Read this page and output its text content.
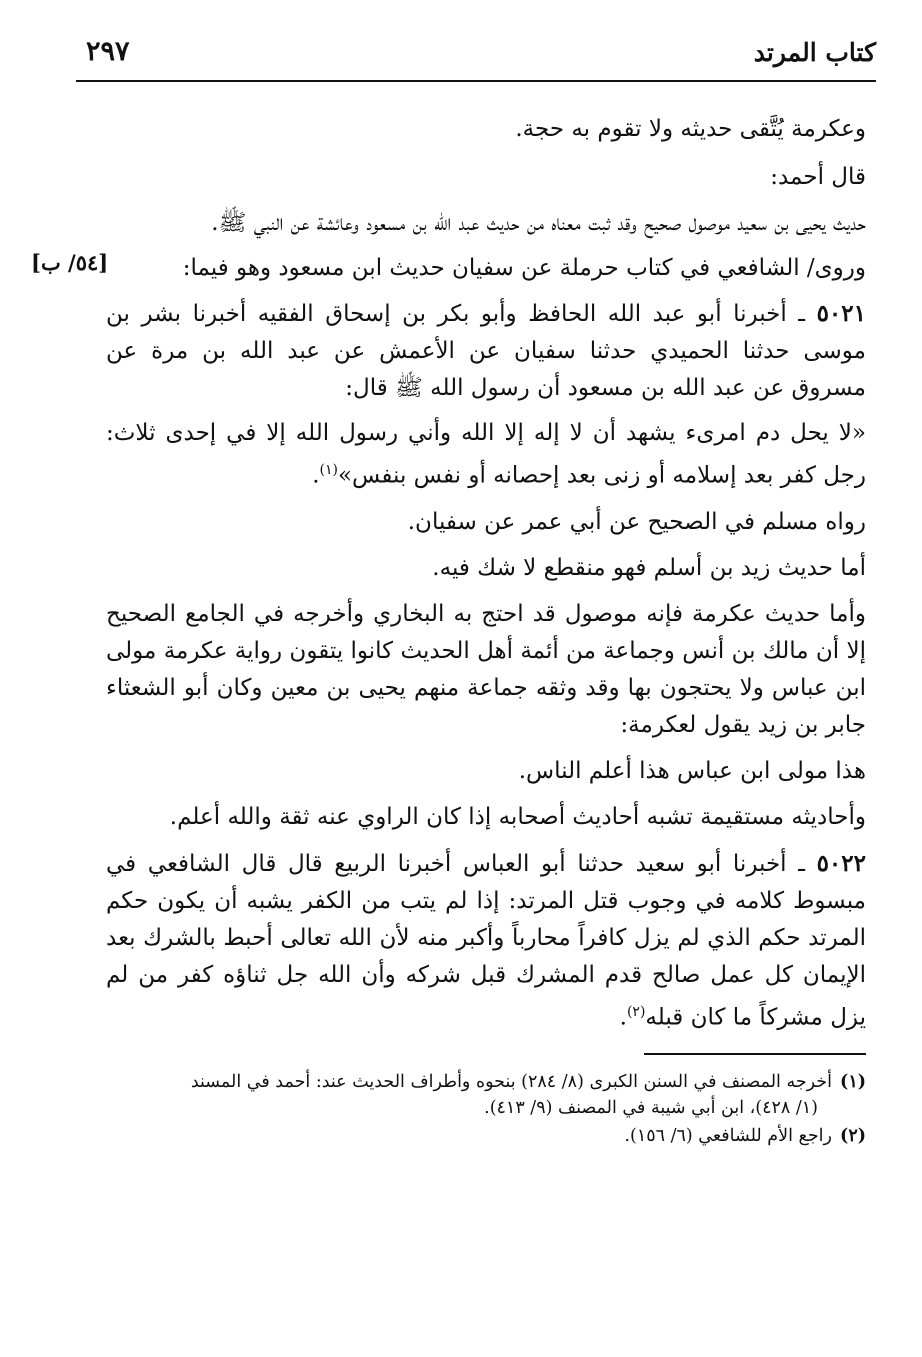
كتاب المرتد
٢٩٧

وعكرمة يُتَّقى حديثه ولا تقوم به حجة.

قال أحمد:

حديث يحيى بن سعيد موصول صحيح وقد ثبت معناه من حديث عبد الله بن مسعود وعائشة عن النبي ﷺ.

وروى/ الشافعي في كتاب حرملة عن سفيان حديث ابن مسعود وهو فيما:

[٥٤/ ب]

٥٠٢١ ـ أخبرنا أبو عبد الله الحافظ وأبو بكر بن إسحاق الفقيه أخبرنا بشر بن موسى حدثنا الحميدي حدثنا سفيان عن الأعمش عن عبد الله بن مرة عن مسروق عن عبد الله بن مسعود أن رسول الله ﷺ قال:

«لا يحل دم امرىء يشهد أن لا إله إلا الله وأني رسول الله إلا في إحدى ثلاث: رجل كفر بعد إسلامه أو زنى بعد إحصانه أو نفس بنفس»$^{(١)}$.

رواه مسلم في الصحيح عن أبي عمر عن سفيان.

أما حديث زيد بن أسلم فهو منقطع لا شك فيه.

وأما حديث عكرمة فإنه موصول قد احتج به البخاري وأخرجه في الجامع الصحيح إلا أن مالك بن أنس وجماعة من أئمة أهل الحديث كانوا يتقون رواية عكرمة مولى ابن عباس ولا يحتجون بها وقد وثقه جماعة منهم يحيى بن معين وكان أبو الشعثاء جابر بن زيد يقول لعكرمة:

هذا مولى ابن عباس هذا أعلم الناس.

وأحاديثه مستقيمة تشبه أحاديث أصحابه إذا كان الراوي عنه ثقة والله أعلم.

٥٠٢٢ ـ أخبرنا أبو سعيد حدثنا أبو العباس أخبرنا الربيع قال قال الشافعي في مبسوط كلامه في وجوب قتل المرتد: إذا لم يتب من الكفر يشبه أن يكون حكم المرتد حكم الذي لم يزل كافراً محارباً وأكبر منه لأن الله تعالى أحبط بالشرك بعد الإيمان كل عمل صالح قدم المشرك قبل شركه وأن الله جل ثناؤه كفر من لم يزل مشركاً ما كان قبله$^{(٢)}$.

(١)
أخرجه المصنف في السنن الكبرى (٨/ ٢٨٤) بنحوه وأطراف الحديث عند: أحمد في المسند
(١/ ٤٢٨)، ابن أبي شيبة في المصنف (٩/ ٤١٣).
(٢)
راجع الأم للشافعي (٦/ ١٥٦).
